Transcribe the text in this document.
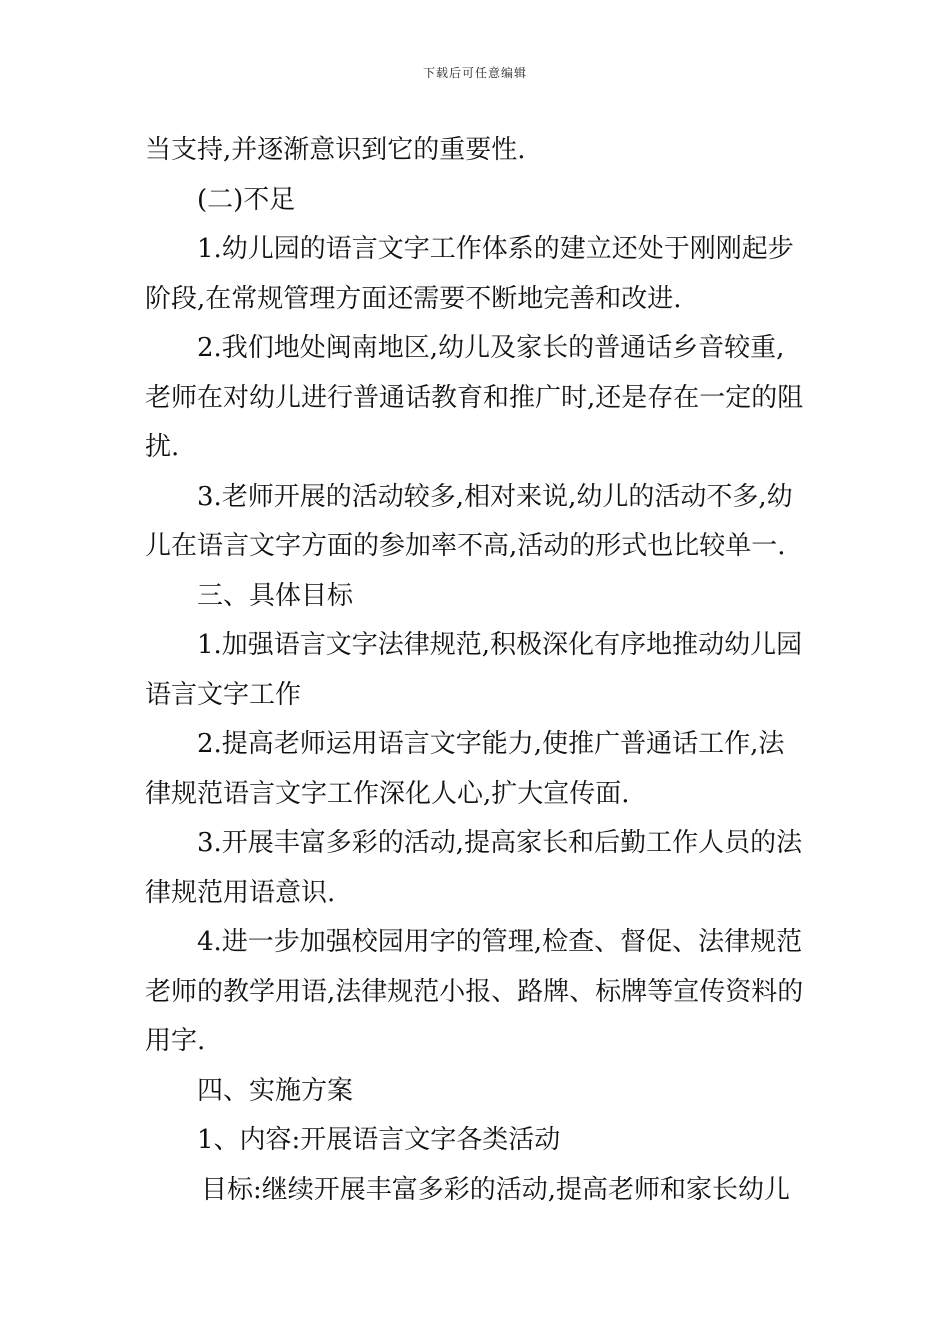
下载后可任意编辑
当支持,并逐渐意识到它的重要性.
(二)不足
1.幼儿园的语言文字工作体系的建立还处于刚刚起步
阶段,在常规管理方面还需要不断地完善和改进.
2.我们地处闽南地区,幼儿及家长的普通话乡音较重,
老师在对幼儿进行普通话教育和推广时,还是存在一定的阻
扰.
3.老师开展的活动较多,相对来说,幼儿的活动不多,幼
儿在语言文字方面的参加率不高,活动的形式也比较单一.
三、具体目标
1.加强语言文字法律规范,积极深化有序地推动幼儿园
语言文字工作
2.提高老师运用语言文字能力,使推广普通话工作,法
律规范语言文字工作深化人心,扩大宣传面.
3.开展丰富多彩的活动,提高家长和后勤工作人员的法
律规范用语意识.
4.进一步加强校园用字的管理,检查、督促、法律规范
老师的教学用语,法律规范小报、路牌、标牌等宣传资料的
用字.
四、实施方案
1、内容:开展语言文字各类活动
目标:继续开展丰富多彩的活动,提高老师和家长幼儿
